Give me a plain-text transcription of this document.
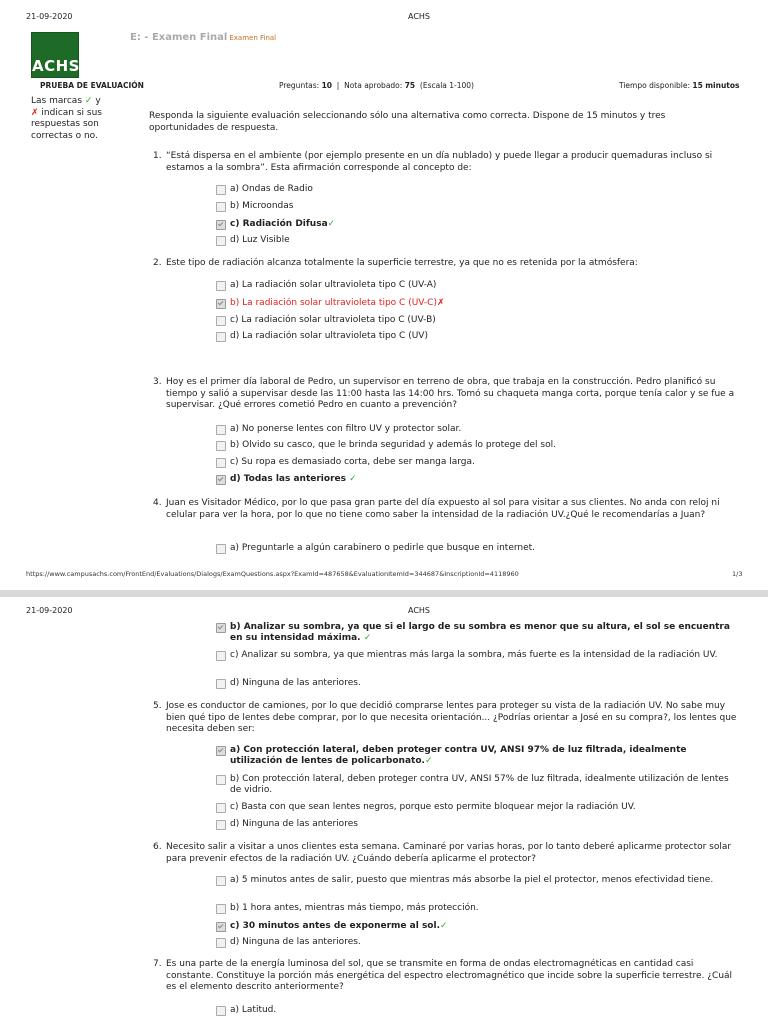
21-09-2020	ACHS
ACHS
E: - Examen Final Examen Final
PRUEBA DE EVALUACIÓN	Preguntas: 10  |  Nota aprobado: 75 (Escala 1-100)	Tiempo disponible: 15 minutos
Las marcas ✓ y ✗ indican si sus respuestas son correctas o no.
Responda la siguiente evaluación seleccionando sólo una alternativa como correcta. Dispone de 15 minutos y tres oportunidades de respuesta.
1. “Está dispersa en el ambiente (por ejemplo presente en un día nublado) y puede llegar a producir quemaduras incluso si estamos a la sombra”. Esta afirmación corresponde al concepto de:
a) Ondas de Radio
b) Microondas
c) Radiación Difusa✓
d) Luz Visible
2. Este tipo de radiación alcanza totalmente la superficie terrestre, ya que no es retenida por la atmósfera:
a) La radiación solar ultravioleta tipo C (UV-A)
b) La radiación solar ultravioleta tipo C (UV-C)✗
c) La radiación solar ultravioleta tipo C (UV-B)
d) La radiación solar ultravioleta tipo C (UV)
3. Hoy es el primer día laboral de Pedro, un supervisor en terreno de obra, que trabaja en la construcción. Pedro planificó su tiempo y salió a supervisar desde las 11:00 hasta las 14:00 hrs. Tomó su chaqueta manga corta, porque tenía calor y se fue a supervisar. ¿Qué errores cometió Pedro en cuanto a prevención?
a) No ponerse lentes con filtro UV y protector solar.
b) Olvido su casco, que le brinda seguridad y además lo protege del sol.
c) Su ropa es demasiado corta, debe ser manga larga.
d) Todas las anteriores ✓
4. Juan es Visitador Médico, por lo que pasa gran parte del día expuesto al sol para visitar a sus clientes. No anda con reloj ni celular para ver la hora, por lo que no tiene como saber la intensidad de la radiación UV.¿Qué le recomendarías a Juan?
a) Preguntarle a algún carabinero o pedirle que busque en internet.
https://www.campusachs.com/FrontEnd/Evaluations/Dialogs/ExamQuestions.aspx?ExamId=487658&EvaluationItemId=344687&InscriptionId=4118960	1/3
21-09-2020	ACHS
b) Analizar su sombra, ya que si el largo de su sombra es menor que su altura, el sol se encuentra en su intensidad máxima. ✓
c) Analizar su sombra, ya que mientras más larga la sombra, más fuerte es la intensidad de la radiación UV.
d) Ninguna de las anteriores.
5. Jose es conductor de camiones, por lo que decidió comprarse lentes para proteger su vista de la radiación UV. No sabe muy bien qué tipo de lentes debe comprar, por lo que necesita orientación... ¿Podrías orientar a José en su compra?, los lentes que necesita deben ser:
a) Con protección lateral, deben proteger contra UV, ANSI 97% de luz filtrada, idealmente utilización de lentes de policarbonato.✓
b) Con protección lateral, deben proteger contra UV, ANSI 57% de luz filtrada, idealmente utilización de lentes de vidrio.
c) Basta con que sean lentes negros, porque esto permite bloquear mejor la radiación UV.
d) Ninguna de las anteriores
6. Necesito salir a visitar a unos clientes esta semana. Caminaré por varias horas, por lo tanto deberé aplicarme protector solar para prevenir efectos de la radiación UV. ¿Cuándo debería aplicarme el protector?
a) 5 minutos antes de salir, puesto que mientras más absorbe la piel el protector, menos efectividad tiene.
b) 1 hora antes, mientras más tiempo, más protección.
c) 30 minutos antes de exponerme al sol.✓
d) Ninguna de las anteriores.
7. Es una parte de la energía luminosa del sol, que se transmite en forma de ondas electromagnéticas en cantidad casi constante. Constituye la porción más energética del espectro electromagnético que incide sobre la superficie terrestre. ¿Cuál es el elemento descrito anteriormente?
a) Latitud.
